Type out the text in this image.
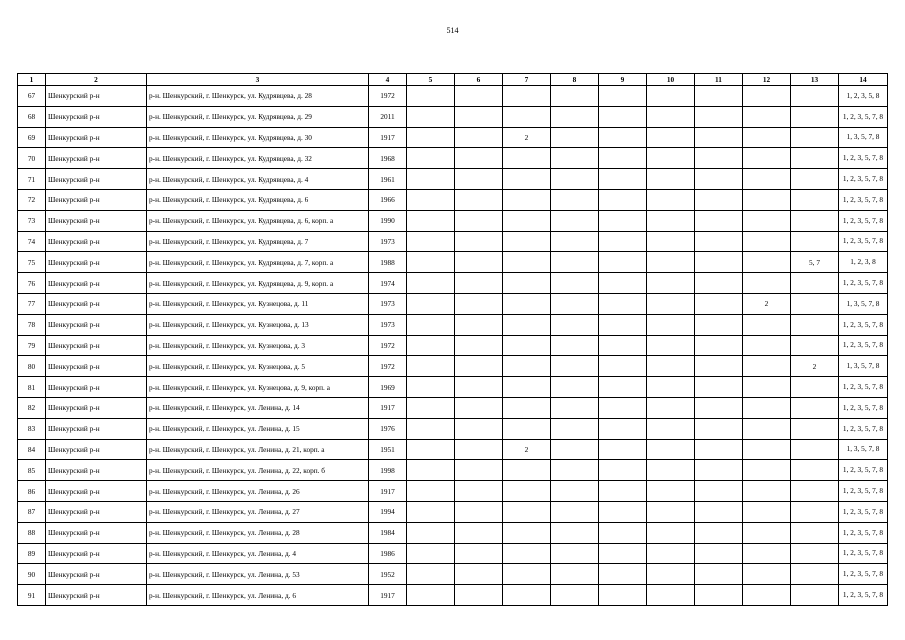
514
1	2	3	4	5	6	7	8	9	10	11	12	13	14
67	Шенкурский р-н	р-н. Шенкурский, г. Шенкурск, ул. Кудрявцева, д. 28	1972										1, 2, 3, 5, 8
68	Шенкурский р-н	р-н. Шенкурский, г. Шенкурск, ул. Кудрявцева, д. 29	2011										1, 2, 3, 5, 7, 8
69	Шенкурский р-н	р-н. Шенкурский, г. Шенкурск, ул. Кудрявцева, д. 30	1917			2							1, 3, 5, 7, 8
70	Шенкурский р-н	р-н. Шенкурский, г. Шенкурск, ул. Кудрявцева, д. 32	1968										1, 2, 3, 5, 7, 8
71	Шенкурский р-н	р-н. Шенкурский, г. Шенкурск, ул. Кудрявцева, д. 4	1961										1, 2, 3, 5, 7, 8
72	Шенкурский р-н	р-н. Шенкурский, г. Шенкурск, ул. Кудрявцева, д. 6	1966										1, 2, 3, 5, 7, 8
73	Шенкурский р-н	р-н. Шенкурский, г. Шенкурск, ул. Кудрявцева, д. 6, корп. а	1990										1, 2, 3, 5, 7, 8
74	Шенкурский р-н	р-н. Шенкурский, г. Шенкурск, ул. Кудрявцева, д. 7	1973										1, 2, 3, 5, 7, 8
75	Шенкурский р-н	р-н. Шенкурский, г. Шенкурск, ул. Кудрявцева, д. 7, корп. а	1988									5, 7	1, 2, 3, 8
76	Шенкурский р-н	р-н. Шенкурский, г. Шенкурск, ул. Кудрявцева, д. 9, корп. а	1974										1, 2, 3, 5, 7, 8
77	Шенкурский р-н	р-н. Шенкурский, г. Шенкурск, ул. Кузнецова, д. 11	1973								2		1, 3, 5, 7, 8
78	Шенкурский р-н	р-н. Шенкурский, г. Шенкурск, ул. Кузнецова, д. 13	1973										1, 2, 3, 5, 7, 8
79	Шенкурский р-н	р-н. Шенкурский, г. Шенкурск, ул. Кузнецова, д. 3	1972										1, 2, 3, 5, 7, 8
80	Шенкурский р-н	р-н. Шенкурский, г. Шенкурск, ул. Кузнецова, д. 5	1972									2	1, 3, 5, 7, 8
81	Шенкурский р-н	р-н. Шенкурский, г. Шенкурск, ул. Кузнецова, д. 9, корп. а	1969										1, 2, 3, 5, 7, 8
82	Шенкурский р-н	р-н. Шенкурский, г. Шенкурск, ул. Ленина, д. 14	1917										1, 2, 3, 5, 7, 8
83	Шенкурский р-н	р-н. Шенкурский, г. Шенкурск, ул. Ленина, д. 15	1976										1, 2, 3, 5, 7, 8
84	Шенкурский р-н	р-н. Шенкурский, г. Шенкурск, ул. Ленина, д. 21, корп. а	1951			2							1, 3, 5, 7, 8
85	Шенкурский р-н	р-н. Шенкурский, г. Шенкурск, ул. Ленина, д. 22, корп. б	1998										1, 2, 3, 5, 7, 8
86	Шенкурский р-н	р-н. Шенкурский, г. Шенкурск, ул. Ленина, д. 26	1917										1, 2, 3, 5, 7, 8
87	Шенкурский р-н	р-н. Шенкурский, г. Шенкурск, ул. Ленина, д. 27	1994										1, 2, 3, 5, 7, 8
88	Шенкурский р-н	р-н. Шенкурский, г. Шенкурск, ул. Ленина, д. 28	1984										1, 2, 3, 5, 7, 8
89	Шенкурский р-н	р-н. Шенкурский, г. Шенкурск, ул. Ленина, д. 4	1986										1, 2, 3, 5, 7, 8
90	Шенкурский р-н	р-н. Шенкурский, г. Шенкурск, ул. Ленина, д. 53	1952										1, 2, 3, 5, 7, 8
91	Шенкурский р-н	р-н. Шенкурский, г. Шенкурск, ул. Ленина, д. 6	1917										1, 2, 3, 5, 7, 8
